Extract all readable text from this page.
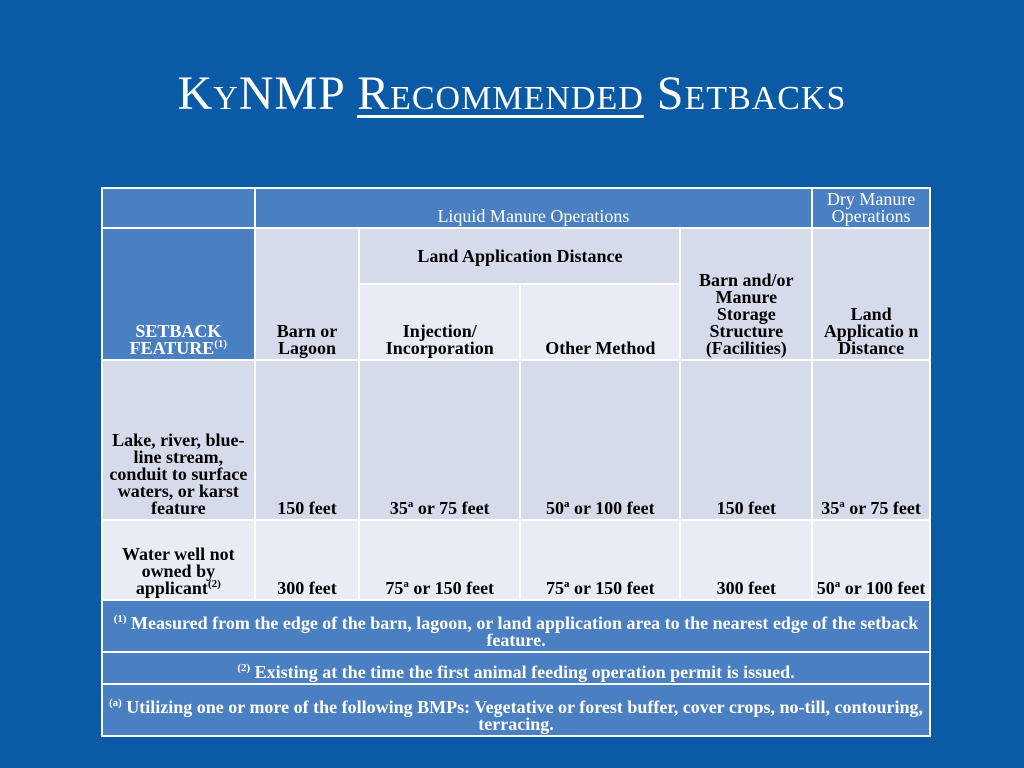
KyNMP Recommended Setbacks
	Liquid Manure Operations				Dry Manure Operations
SETBACK FEATURE$^{(1)}$	Barn or Lagoon	Land Application Distance		Barn and/or Manure Storage Structure (Facilities)	Land Applicatio n Distance
		Injection/ Incorporation	Other Method		
Lake, river, blue-line stream, conduit to surface waters, or karst feature	150 feet	35$^a$ or 75 feet	50$^a$ or 100 feet	150 feet	35$^a$ or 75 feet
Water well not owned by applicant$^{(2)}$	300 feet	75$^a$ or 150 feet	75$^a$ or 150 feet	300 feet	50$^a$ or 100 feet
$^{(1)}$ Measured from the edge of the barn, lagoon, or land application area to the nearest edge of the setback feature.					
$^{(2)}$ Existing at the time the first animal feeding operation permit is issued.					
$^{(a)}$ Utilizing one or more of the following BMPs: Vegetative or forest buffer, cover crops, no-till, contouring, terracing.					
